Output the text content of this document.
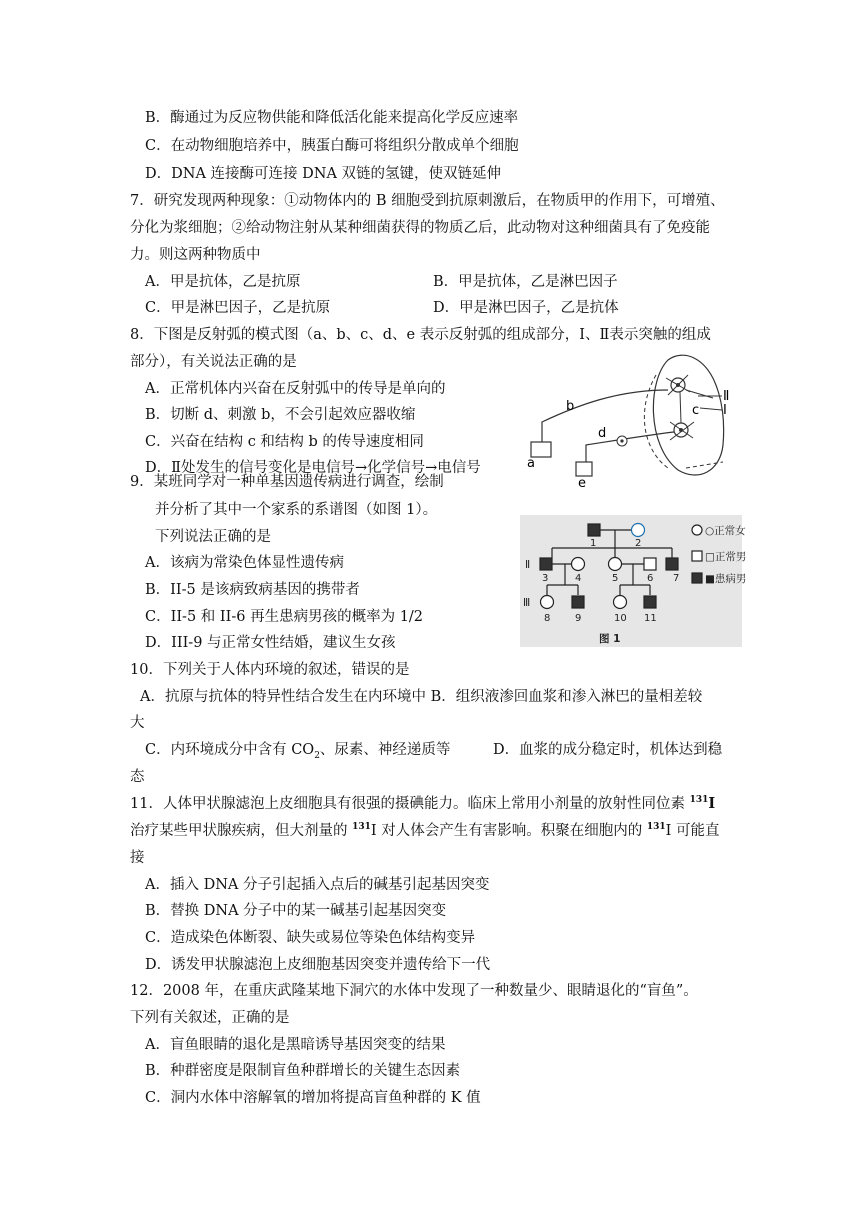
B．酶通过为反应物供能和降低活化能来提高化学反应速率
C．在动物细胞培养中，胰蛋白酶可将组织分散成单个细胞
D．DNA 连接酶可连接 DNA 双链的氢键，使双链延伸
7．研究发现两种现象：①动物体内的 B 细胞受到抗原刺激后，在物质甲的作用下，可增殖、
分化为浆细胞；②给动物注射从某种细菌获得的物质乙后，此动物对这种细菌具有了免疫能
力。则这两种物质中
A．甲是抗体，乙是抗原	B．甲是抗体，乙是淋巴因子
C．甲是淋巴因子，乙是抗原	D．甲是淋巴因子，乙是抗体
8．下图是反射弧的模式图（a、b、c、d、e 表示反射弧的组成部分，Ⅰ、Ⅱ表示突触的组成
部分），有关说法正确的是
A．正常机体内兴奋在反射弧中的传导是单向的
B．切断 d、刺激 b，不会引起效应器收缩
C．兴奋在结构 c 和结构 b 的传导速度相同
D．Ⅱ处发生的信号变化是电信号→化学信号→电信号	a
b	c
d
e
Ⅱ
Ⅰ
9．某班同学对一种单基因遗传病进行调查，绘制
并分析了其中一个家系的系谱图（如图 1）。
下列说法正确的是
A．该病为常染色体显性遗传病
B．II-5 是该病致病基因的携带者
C．II-5 和 II-6 再生患病男孩的概率为 1/2
D．III-9 与正常女性结婚，建议生女孩
○正常女
□正常男
■患病男
Ⅱ
Ⅲ
1	2
3	4	5	6 7
8 9	10 11
图 1
10．下列关于人体内环境的叙述，错误的是
A．抗原与抗体的特异性结合发生在内环境中 B．组织液渗回血浆和渗入淋巴的量相差较
大
C．内环境成分中含有 $CO_2$、尿素、神经递质等	D．血浆的成分稳定时，机体达到稳
态
11．人体甲状腺滤泡上皮细胞具有很强的摄碘能力。临床上常用小剂量的放射性同位素 $^{131}$I
治疗某些甲状腺疾病，但大剂量的 $^{131}$I 对人体会产生有害影响。积聚在细胞内的 $^{131}$I 可能直
接
A．插入 DNA 分子引起插入点后的碱基引起基因突变
B．替换 DNA 分子中的某一碱基引起基因突变
C．造成染色体断裂、缺失或易位等染色体结构变异
D．诱发甲状腺滤泡上皮细胞基因突变并遗传给下一代
12．2008 年，在重庆武隆某地下洞穴的水体中发现了一种数量少、眼睛退化的“盲鱼”。
下列有关叙述，正确的是
A．盲鱼眼睛的退化是黑暗诱导基因突变的结果
B．种群密度是限制盲鱼种群增长的关键生态因素
C．洞内水体中溶解氧的增加将提高盲鱼种群的 K 值
